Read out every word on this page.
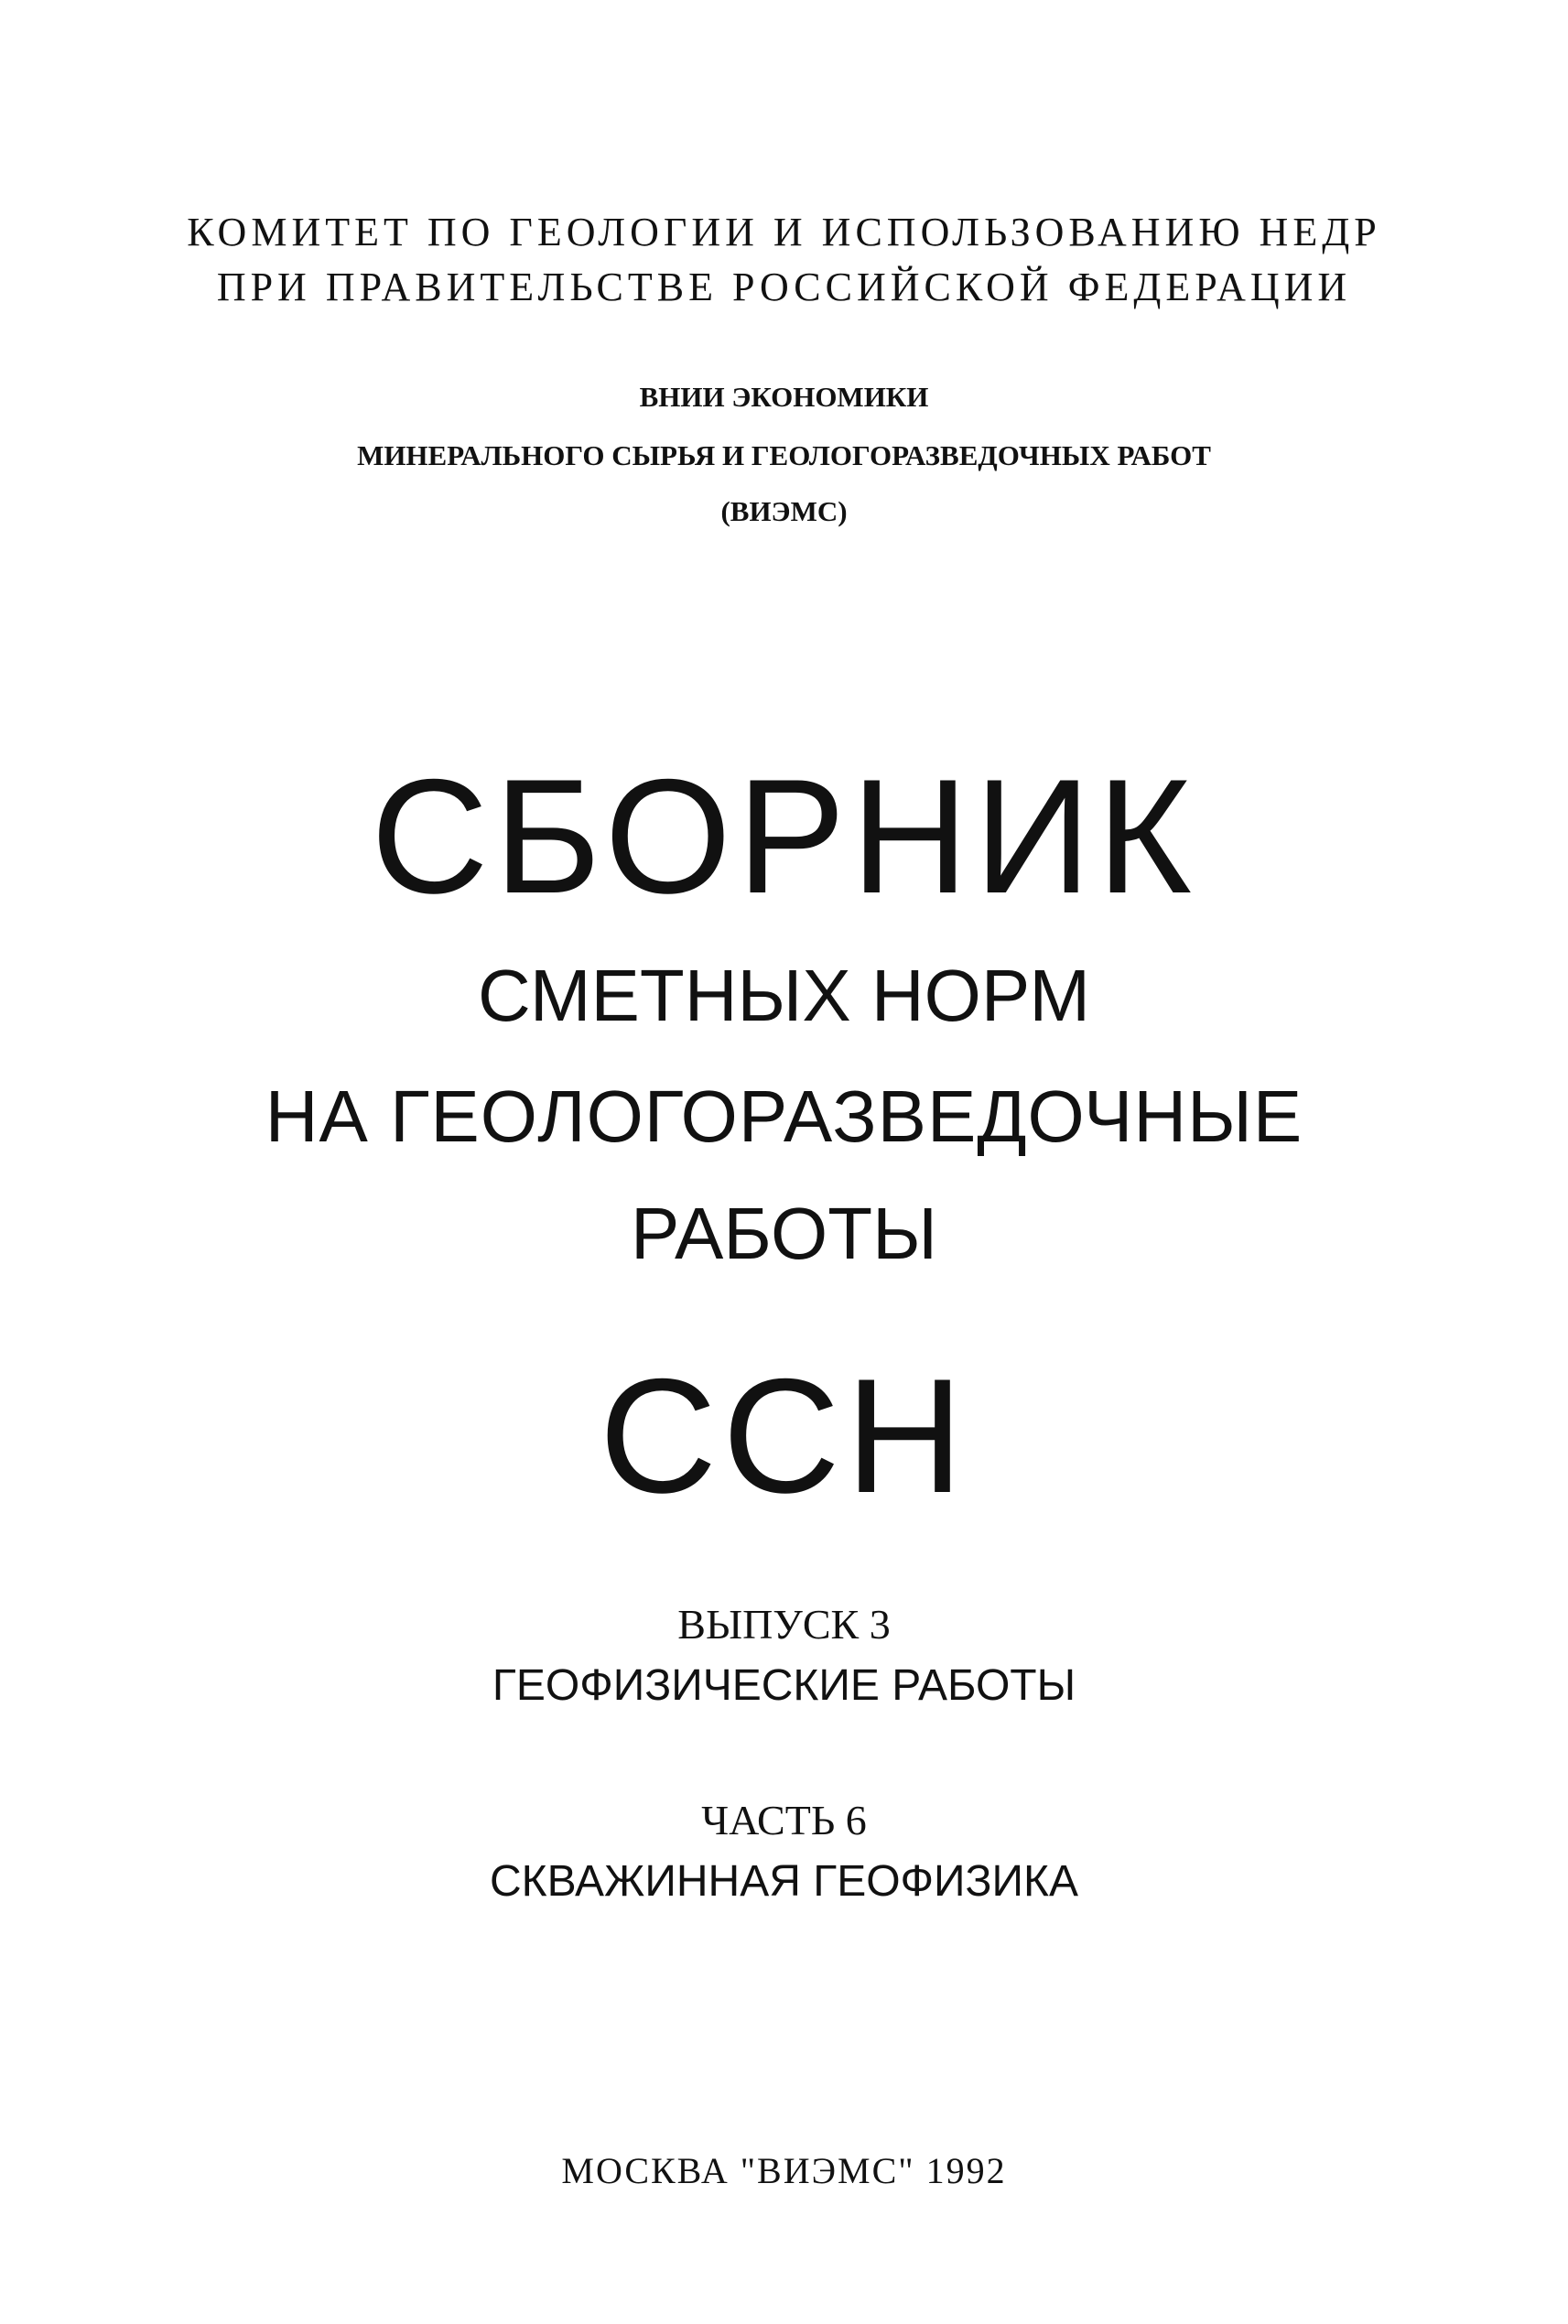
КОМИТЕТ ПО ГЕОЛОГИИ И ИСПОЛЬЗОВАНИЮ НЕДР

ПРИ ПРАВИТЕЛЬСТВЕ РОССИЙСКОЙ ФЕДЕРАЦИИ

ВНИИ ЭКОНОМИКИ

МИНЕРАЛЬНОГО СЫРЬЯ И ГЕОЛОГОРАЗВЕДОЧНЫХ РАБОТ

(ВИЭМС)

СБОРНИК

СМЕТНЫХ НОРМ

НА ГЕОЛОГОРАЗВЕДОЧНЫЕ

РАБОТЫ

ССН

ВЫПУСК 3

ГЕОФИЗИЧЕСКИЕ РАБОТЫ

ЧАСТЬ 6

СКВАЖИННАЯ ГЕОФИЗИКА

МОСКВА "ВИЭМС" 1992
